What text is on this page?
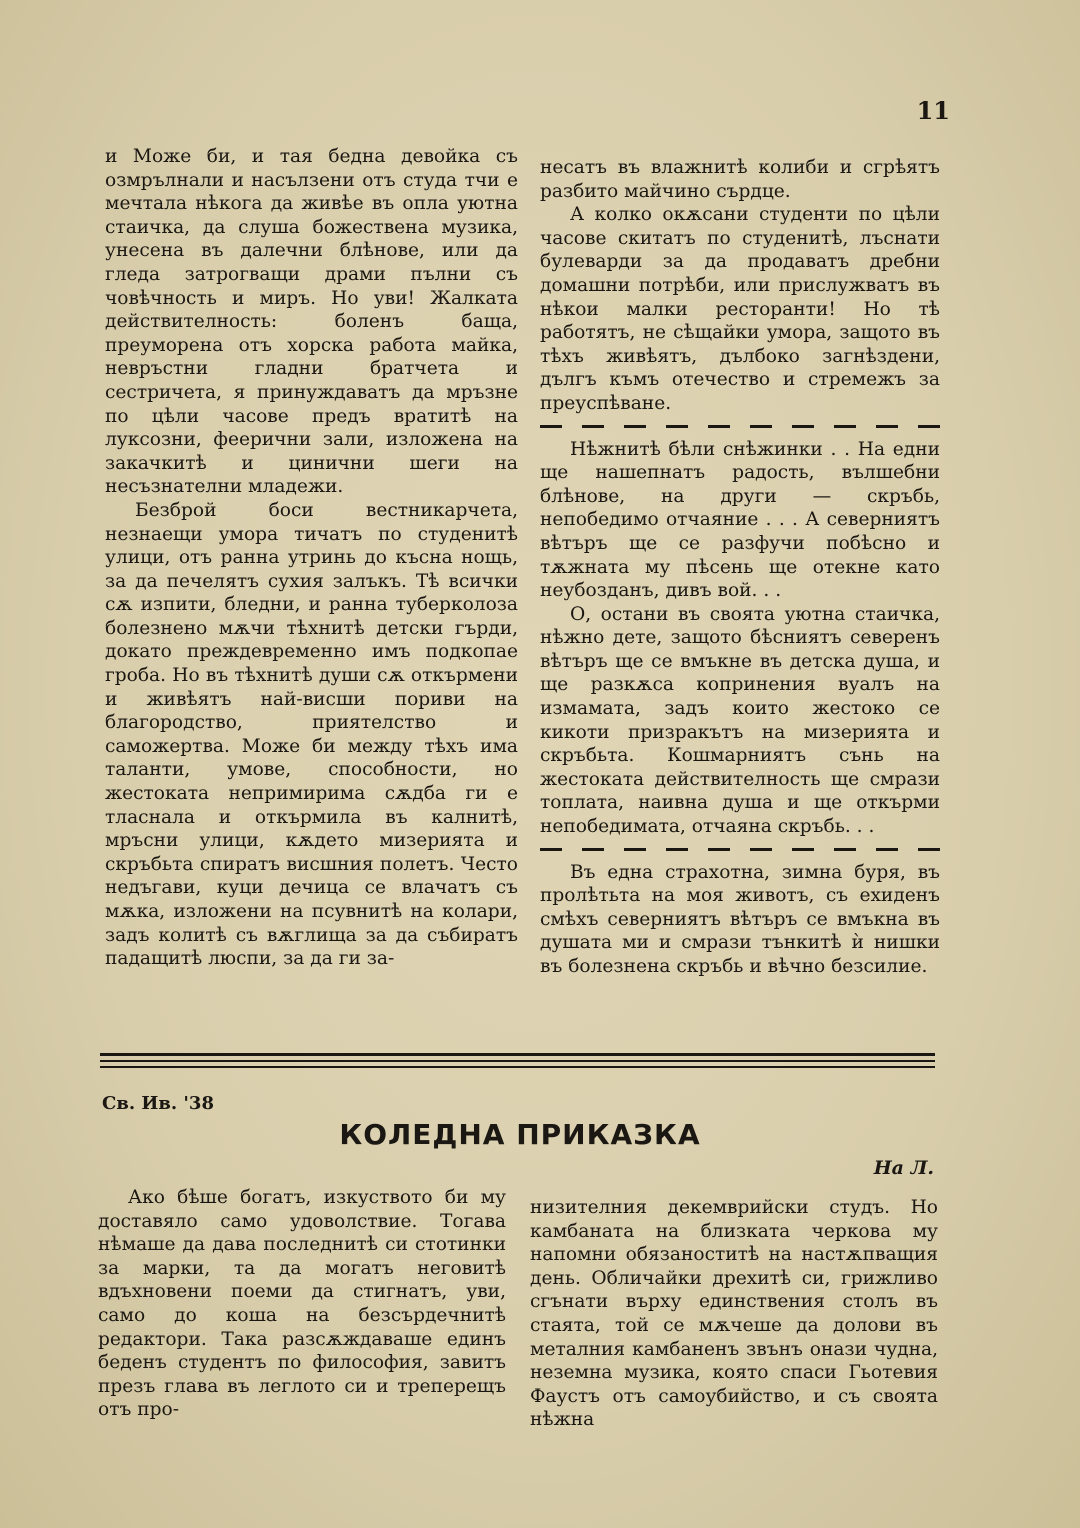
11

и Може би, и тая бедна девойка съ озмрълнали и насълзени отъ студа тчи е мечтала нѣкога да живѣе въ опла уютна стаичка, да слуша божествена музика, унесена въ далечни блѣнове, или да гледа затрогващи драми пълни съ човѣчность и миръ. Но уви! Жалката действителность: боленъ баща, преуморена отъ хорска работа майка, невръстни гладни братчета и сестричета, я принуждаватъ да мръзне по цѣли часове предъ вратитѣ на луксозни, феерични зали, изложена на закачкитѣ и цинични шеги на несъзнателни младежи.

Безброй боси вестникарчета, незнаещи умора тичатъ по студенитѣ улици, отъ ранна утринь до късна нощь, за да печелятъ сухия залъкъ. Тѣ всички сѫ изпити, бледни, и ранна туберколоза болезнено мѫчи тѣхнитѣ детски гърди, докато преждевременно имъ подкопае гроба. Но въ тѣхнитѣ души сѫ откърмени и живѣятъ най-висши пориви на благородство, приятелство и саможертва. Може би между тѣхъ има таланти, умове, способности, но жестоката непримирима сѫдба ги е тласнала и откърмила въ калнитѣ, мръсни улици, кѫдето мизерията и скръбьта спиратъ висшния полетъ. Често недъгави, куци дечица се влачатъ съ мѫка, изложени на псувнитѣ на колари, задъ колитѣ съ вѫглища за да събиратъ падащитѣ люспи, за да ги за-

несатъ въ влажнитѣ колиби и сгрѣятъ разбито майчино сърдце.

А колко окѫсани студенти по цѣли часове скитатъ по студенитѣ, лъснати булеварди за да продаватъ дребни домашни потрѣби, или прислужватъ въ нѣкои малки ресторанти! Но тѣ работятъ, не сѣщайки умора, защото въ тѣхъ живѣятъ, дълбоко загнѣздени, дългъ къмъ отечество и стремежъ за преуспѣване.

Нѣжнитѣ бѣли снѣжинки . . На едни ще нашепнатъ радость, вълшебни блѣнове, на други — скръбь, непобедимо отчаяние . . . А северниятъ вѣтъръ ще се разфучи побѣсно и тѫжната му пѣсень ще отекне като неубозданъ, дивъ вой. . .

О, остани въ своята уютна стаичка, нѣжно дете, защото бѣсниятъ северенъ вѣтъръ ще се вмъкне въ детска душа, и ще разкѫса копринения вуалъ на измамата, задъ които жестоко се кикоти призракътъ на мизерията и скръбьта. Кошмарниятъ сънь на жестоката действителность ще смрази топлата, наивна душа и ще откърми непобедимата, отчаяна скръбь. . .

Въ една страхотна, зимна буря, въ пролѣтьта на моя животъ, съ ехиденъ смѣхъ северниятъ вѣтъръ се вмъкна въ душата ми и смрази тънкитѣ ѝ нишки въ болезнена скръбь и вѣчно безсилие.

Св. Ив. '38
КОЛЕДНА ПРИКАЗКА
На Л.

Ако бѣше богатъ, изкуството би му доставяло само удоволствие. Тогава нѣмаше да дава последнитѣ си стотинки за марки, та да могатъ неговитѣ вдъхновени поеми да стигнатъ, уви, само до коша на безсърдечнитѣ редактори. Така разсѫждаваше единъ беденъ студентъ по философия, завитъ презъ глава въ леглото си и треперещъ отъ про-

низителния декемврийски студъ. Но камбаната на близката черкова му напомни обязаноститѣ на настѫпващия день. Обличайки дрехитѣ си, грижливо сгънати върху единствения столъ въ стаята, той се мѫчеше да долови въ металния камбаненъ звънъ онази чудна, неземна музика, която спаси Гьотевия Фаустъ отъ самоубийство, и съ своята нѣжна
